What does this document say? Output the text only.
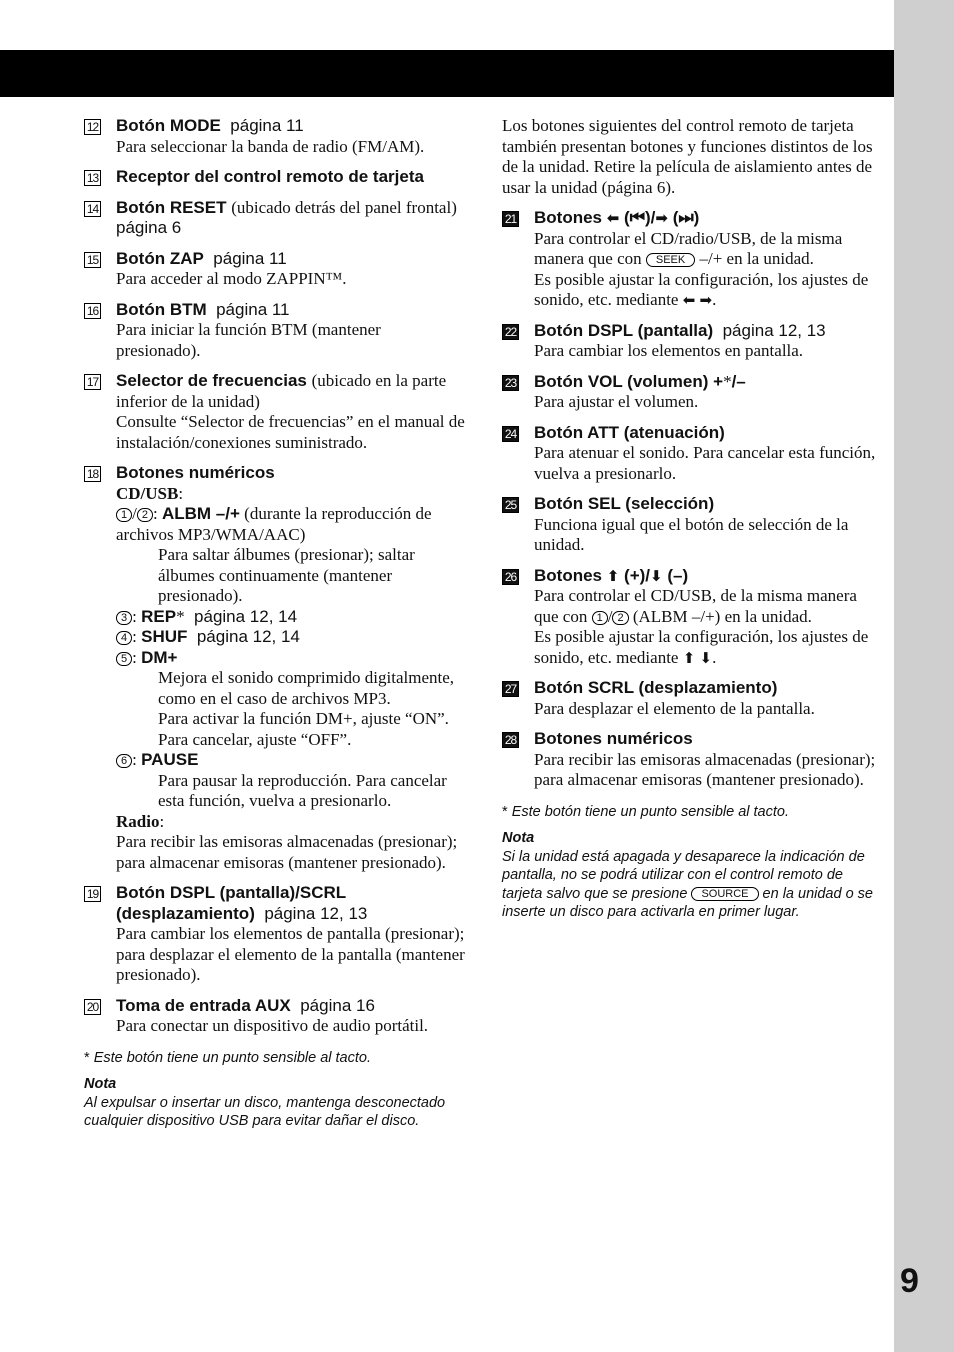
9
12 Botón MODE página 11
Para seleccionar la banda de radio (FM/AM).
13 Receptor del control remoto de tarjeta
14 Botón RESET (ubicado detrás del panel frontal)  página 6
15 Botón ZAP página 11
Para acceder al modo ZAPPIN™.
16 Botón BTM página 11
Para iniciar la función BTM (mantener presionado).
17 Selector de frecuencias (ubicado en la parte inferior de la unidad)
Consulte “Selector de frecuencias” en el manual de instalación/conexiones suministrado.
18 Botones numéricos
CD/USB:
1 / 2 : ALBM –/+ (durante la reproducción de archivos MP3/WMA/AAC)
Para saltar álbumes (presionar); saltar álbumes continuamente (mantener presionado).
3 : REP* página 12, 14
4 : SHUF página 12, 14
5 : DM+
Mejora el sonido comprimido digitalmente, como en el caso de archivos MP3.
Para activar la función DM+, ajuste “ON”. Para cancelar, ajuste “OFF”.
6 : PAUSE
Para pausar la reproducción. Para cancelar esta función, vuelva a presionarlo.
Radio:
Para recibir las emisoras almacenadas (presionar); para almacenar emisoras (mantener presionado).
19 Botón DSPL (pantalla)/SCRL (desplazamiento) página 12, 13
Para cambiar los elementos de pantalla (presionar); para desplazar el elemento de la pantalla (mantener presionado).
20 Toma de entrada AUX página 16
Para conectar un dispositivo de audio portátil.
* Este botón tiene un punto sensible al tacto.
Nota
Al expulsar o insertar un disco, mantenga desconectado cualquier dispositivo USB para evitar dañar el disco.
Los botones siguientes del control remoto de tarjeta también presentan botones y funciones distintos de los de la unidad. Retire la película de aislamiento antes de usar la unidad (página 6).
21 Botones ⬅ (⏮)/➡ (⏭)
Para controlar el CD/radio/USB, de la misma manera que con SEEK –/+ en la unidad.
Es posible ajustar la configuración, los ajustes de sonido, etc. mediante ⬅ ➡.
22 Botón DSPL (pantalla) página 12, 13
Para cambiar los elementos en pantalla.
23 Botón VOL (volumen) +*/–
Para ajustar el volumen.
24 Botón ATT (atenuación)
Para atenuar el sonido. Para cancelar esta función, vuelva a presionarlo.
25 Botón SEL (selección)
Funciona igual que el botón de selección de la unidad.
26 Botones ⬆ (+)/⬇ (–)
Para controlar el CD/USB, de la misma manera que con 1 / 2 (ALBM –/+) en la unidad.
Es posible ajustar la configuración, los ajustes de sonido, etc. mediante ⬆ ⬇.
27 Botón SCRL (desplazamiento)
Para desplazar el elemento de la pantalla.
28 Botones numéricos
Para recibir las emisoras almacenadas (presionar); para almacenar emisoras (mantener presionado).
* Este botón tiene un punto sensible al tacto.
Nota
Si la unidad está apagada y desaparece la indicación de pantalla, no se podrá utilizar con el control remoto de tarjeta salvo que se presione SOURCE en la unidad o se inserte un disco para activarla en primer lugar.
